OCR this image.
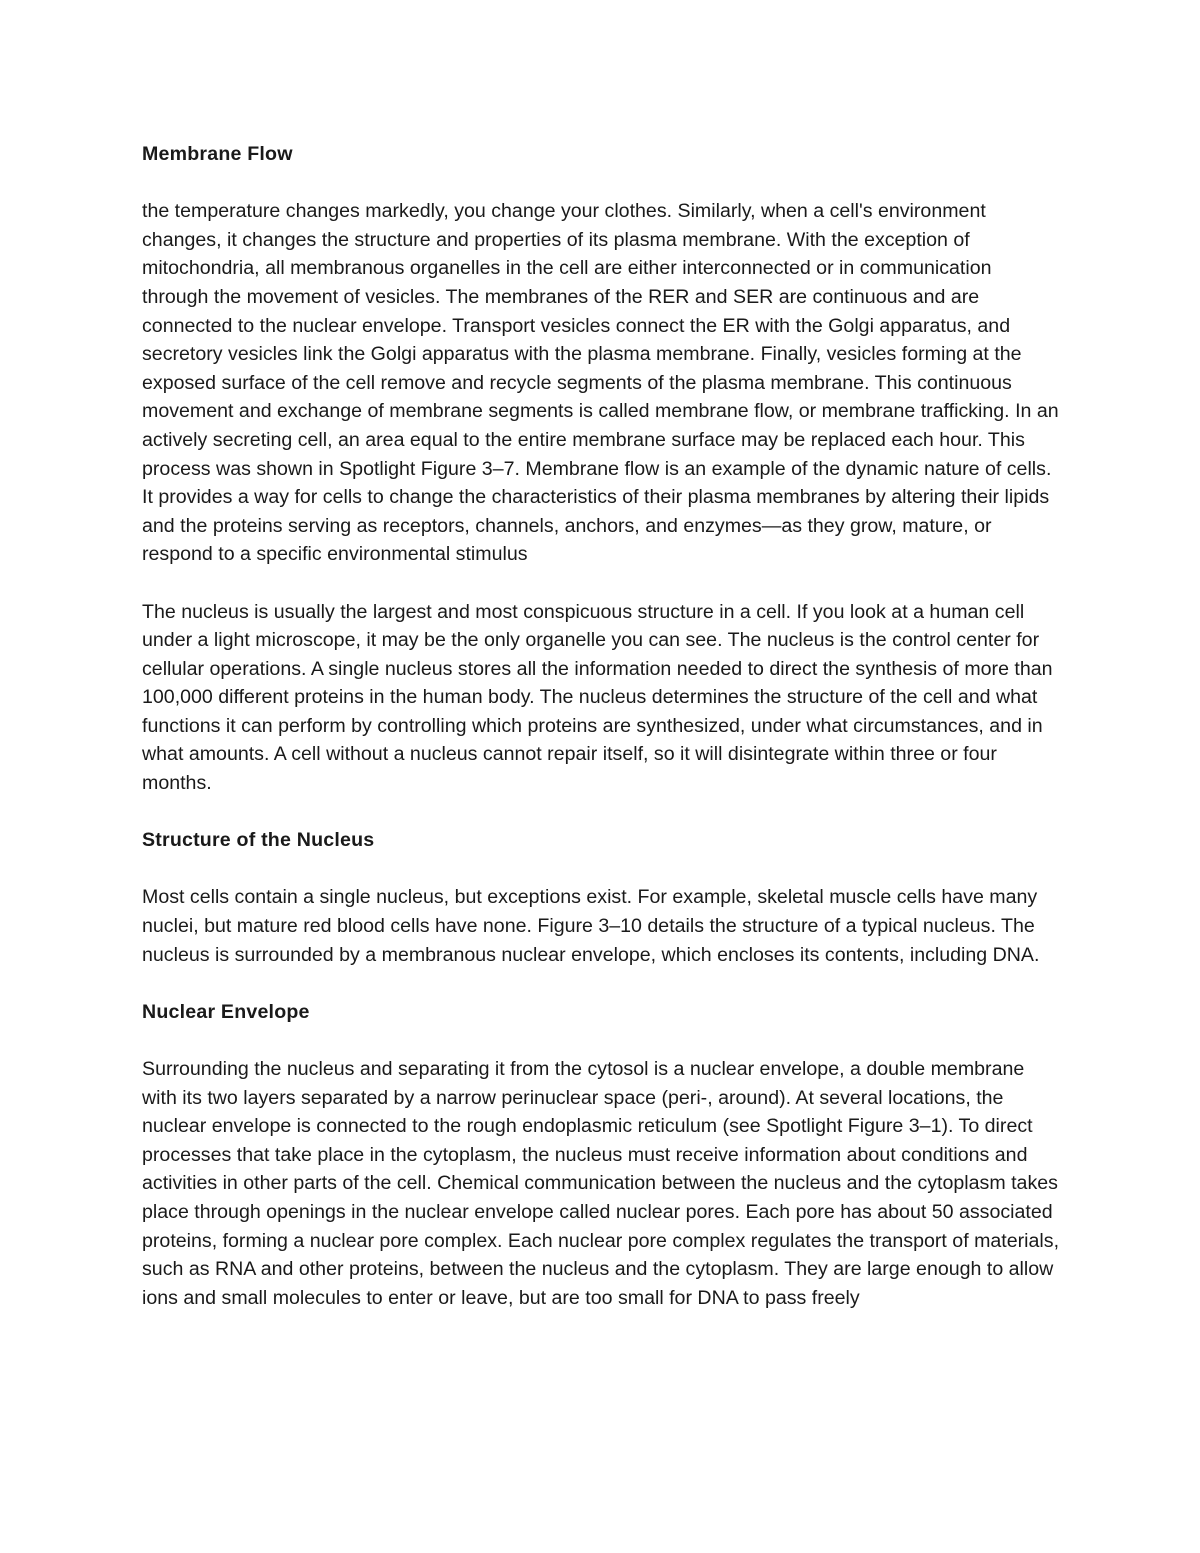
Membrane Flow

the temperature changes markedly, you change your clothes. Similarly, when a cell's environment changes, it changes the structure and properties of its plasma membrane. With the exception of mitochondria, all membranous organelles in the cell are either interconnected or in communication through the movement of vesicles. The membranes of the RER and SER are continuous and are connected to the nuclear envelope. Transport vesicles connect the ER with the Golgi apparatus, and secretory vesicles link the Golgi apparatus with the plasma membrane. Finally, vesicles forming at the exposed surface of the cell remove and recycle segments of the plasma membrane. This continuous movement and exchange of membrane segments is called membrane flow, or membrane trafficking. In an actively secreting cell, an area equal to the entire membrane surface may be replaced each hour. This process was shown in Spotlight Figure 3–7. Membrane flow is an example of the dynamic nature of cells. It provides a way for cells to change the characteristics of their plasma membranes by altering their lipids and the proteins serving as receptors, channels, anchors, and enzymes—as they grow, mature, or respond to a specific environmental stimulus

The nucleus is usually the largest and most conspicuous structure in a cell. If you look at a human cell under a light microscope, it may be the only organelle you can see. The nucleus is the control center for cellular operations. A single nucleus stores all the information needed to direct the synthesis of more than 100,000 different proteins in the human body. The nucleus determines the structure of the cell and what functions it can perform by controlling which proteins are synthesized, under what circumstances, and in what amounts. A cell without a nucleus cannot repair itself, so it will disintegrate within three or four months.

Structure of the Nucleus

Most cells contain a single nucleus, but exceptions exist. For example, skeletal muscle cells have many nuclei, but mature red blood cells have none. Figure 3–10 details the structure of a typical nucleus. The nucleus is surrounded by a membranous nuclear envelope, which encloses its contents, including DNA.

Nuclear Envelope

Surrounding the nucleus and separating it from the cytosol is a nuclear envelope, a double membrane with its two layers separated by a narrow perinuclear space (peri-, around). At several locations, the nuclear envelope is connected to the rough endoplasmic reticulum (see Spotlight Figure 3–1). To direct processes that take place in the cytoplasm, the nucleus must receive information about conditions and activities in other parts of the cell. Chemical communication between the nucleus and the cytoplasm takes place through openings in the nuclear envelope called nuclear pores. Each pore has about 50 associated proteins, forming a nuclear pore complex. Each nuclear pore complex regulates the transport of materials, such as RNA and other proteins, between the nucleus and the cytoplasm. They are large enough to allow ions and small molecules to enter or leave, but are too small for DNA to pass freely
